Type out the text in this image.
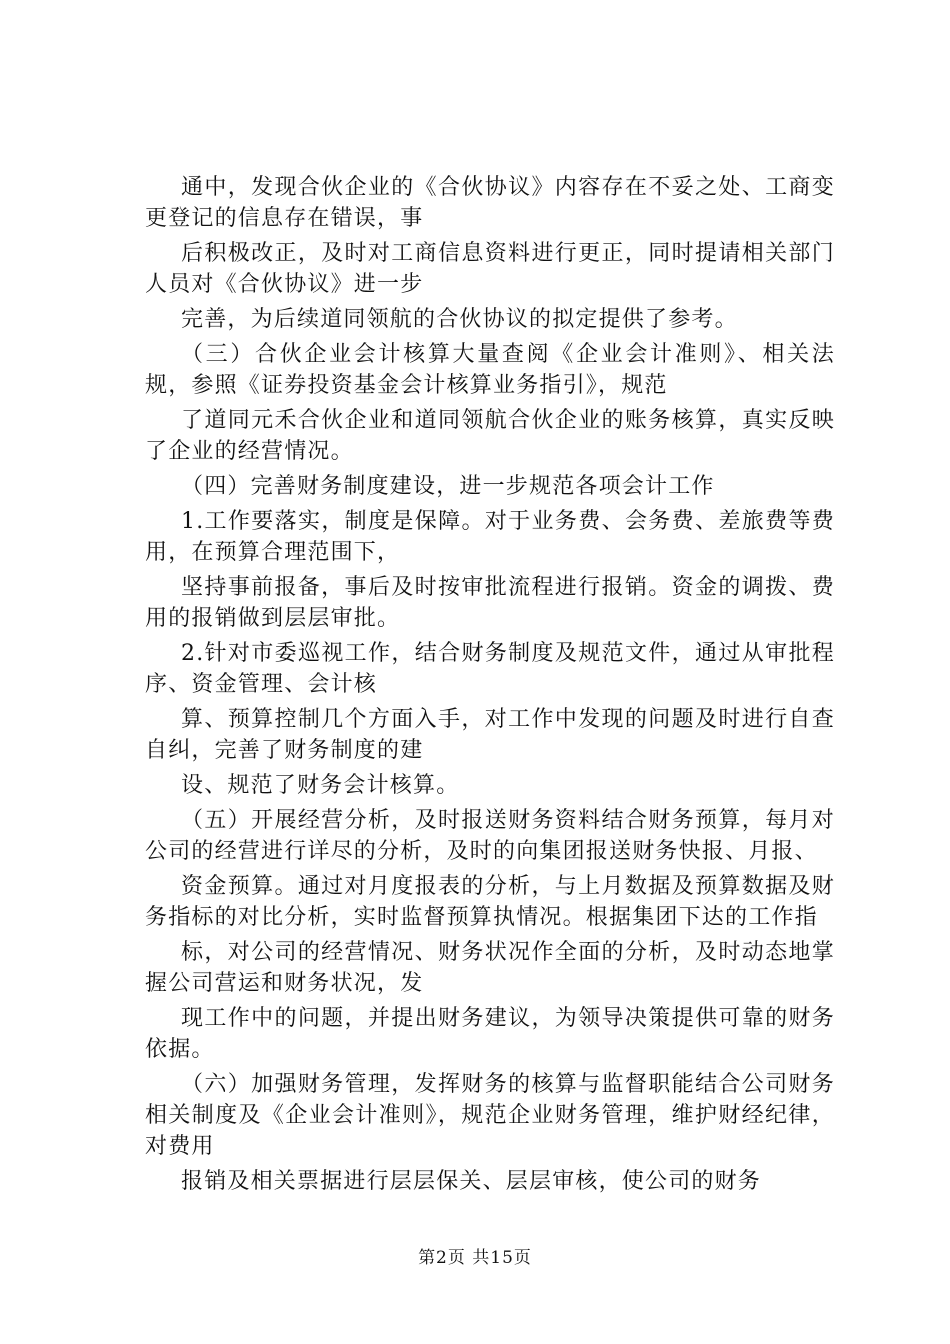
通中，发现合伙企业的《合伙协议》内容存在不妥之处、工商变更登记的信息存在错误，事

后积极改正，及时对工商信息资料进行更正，同时提请相关部门人员对《合伙协议》进一步

完善，为后续道同领航的合伙协议的拟定提供了参考。

（三）合伙企业会计核算大量查阅《企业会计准则》、相关法规，参照《证券投资基金会计核算业务指引》，规范

了道同元禾合伙企业和道同领航合伙企业的账务核算，真实反映了企业的经营情况。

（四）完善财务制度建设，进一步规范各项会计工作

1.工作要落实，制度是保障。对于业务费、会务费、差旅费等费用，在预算合理范围下，

坚持事前报备，事后及时按审批流程进行报销。资金的调拨、费用的报销做到层层审批。

2.针对市委巡视工作，结合财务制度及规范文件，通过从审批程序、资金管理、会计核

算、预算控制几个方面入手，对工作中发现的问题及时进行自查自纠，完善了财务制度的建

设、规范了财务会计核算。

（五）开展经营分析，及时报送财务资料结合财务预算，每月对公司的经营进行详尽的分析，及时的向集团报送财务快报、月报、

资金预算。通过对月度报表的分析，与上月数据及预算数据及财务指标的对比分析，实时监督预算执情况。根据集团下达的工作指

标，对公司的经营情况、财务状况作全面的分析，及时动态地掌握公司营运和财务状况，发

现工作中的问题，并提出财务建议，为领导决策提供可靠的财务依据。

（六）加强财务管理，发挥财务的核算与监督职能结合公司财务相关制度及《企业会计准则》，规范企业财务管理，维护财经纪律，对费用

报销及相关票据进行层层保关、层层审核，使公司的财务

第2页 共15页
